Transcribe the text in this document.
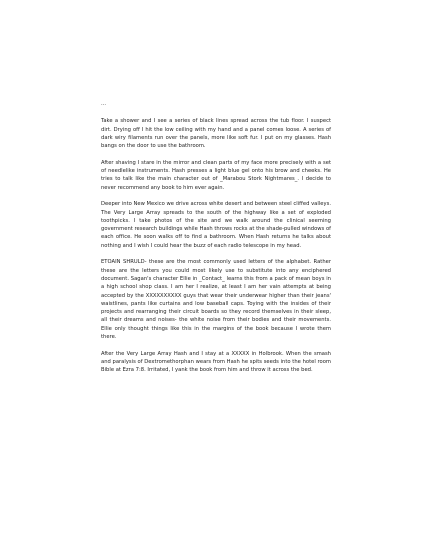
...

Take a shower and I see a series of black lines spread across the tub floor. I suspect dirt. Drying off I hit the low ceiling with my hand and a panel comes loose. A series of dark wiry filaments run over the panels, more like soft fur. I put on my glasses. Hash bangs on the door to use the bathroom.

After shaving I stare in the mirror and clean parts of my face more precisely with a set of needlelike instruments. Hash presses a light blue gel onto his brow and cheeks. He tries to talk like the main character out of _Marabou Stork Nightmares_. I decide to never recommend any book to him ever again.

Deeper into New Mexico we drive across white desert and between steel cliffed valleys. The Very Large Array spreads to the south of the highway like a set of exploded toothpicks. I take photos of the site and we walk around the clinical seeming government research buildings while Hash throws rocks at the shade-pulled windows of each office. He soon walks off to find a bathroom. When Hash returns he talks about nothing and I wish I could hear the buzz of each radio telescope in my head.

ETOAIN SHRULD- these are the most commonly used letters of the alphabet. Rather these are the letters you could most likely use to substitute into any enciphered document. Sagan's character Ellie in _Contact_ learns this from a pack of mean boys in a high school shop class. I am her I realize, at least I am her vain attempts at being accepted by the XXXXXXXXXX guys that wear their underwear higher than their jeans' waistlines, pants like curtains and low baseball caps. Toying with the insides of their projects and rearranging their circuit boards so they record themselves in their sleep, all their dreams and noises- the white noise from their bodies and their movements. Ellie only thought things like this in the margins of the book because I wrote them there.

After the Very Large Array Hash and I stay at a XXXXX in Holbrook. When the smash and paralysis of Dextromethorphan wears from Hash he spits seeds into the hotel room Bible at Ezra 7:8. Irritated, I yank the book from him and throw it across the bed.
